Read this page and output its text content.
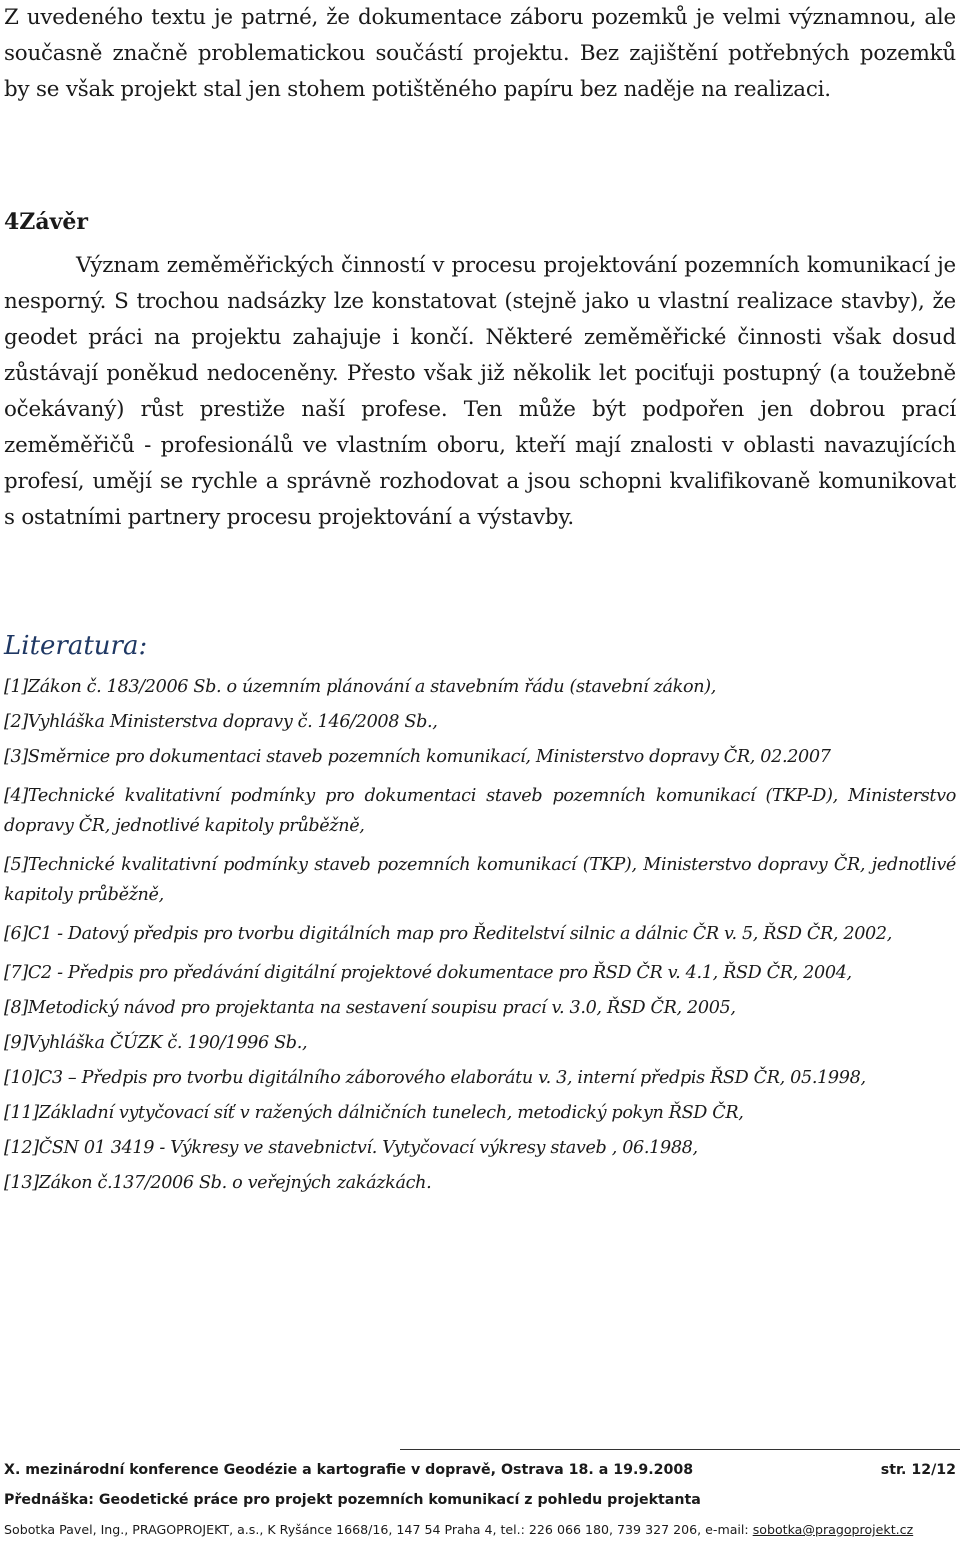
Z uvedeného textu je patrné, že dokumentace záboru pozemků je velmi významnou, ale současně značně problematickou součástí projektu. Bez zajištění potřebných pozemků by se však projekt stal jen stohem potištěného papíru bez naděje na realizaci.

4Závěr

Význam zeměměřických činností v procesu projektování pozemních komunikací je nesporný. S trochou nadsázky lze konstatovat (stejně jako u vlastní realizace stavby), že geodet práci na projektu zahajuje i končí. Některé zeměměřické činnosti však dosud zůstávají poněkud nedoceněny. Přesto však již několik let pociťuji postupný (a toužebně očekávaný) růst prestiže naší profese. Ten může být podpořen jen dobrou prací zeměměřičů - profesionálů ve vlastním oboru, kteří mají znalosti v oblasti navazujících profesí, umějí se rychle a správně rozhodovat a jsou schopni kvalifikovaně komunikovat s ostatními partnery procesu projektování a výstavby.

Literatura:
[1]Zákon č. 183/2006 Sb. o územním plánování a stavebním řádu (stavební zákon),
[2]Vyhláška Ministerstva dopravy č. 146/2008 Sb.,
[3]Směrnice pro dokumentaci staveb pozemních komunikací, Ministerstvo dopravy ČR, 02.2007
[4]Technické kvalitativní podmínky pro dokumentaci staveb pozemních komunikací (TKP-D), Ministerstvo dopravy ČR, jednotlivé kapitoly průběžně,
[5]Technické kvalitativní podmínky staveb pozemních komunikací (TKP), Ministerstvo dopravy ČR, jednotlivé kapitoly průběžně,
[6]C1 - Datový předpis pro tvorbu digitálních map pro Ředitelství silnic a dálnic ČR v. 5, ŘSD ČR, 2002,
[7]C2 - Předpis pro předávání digitální projektové dokumentace pro ŘSD ČR v. 4.1, ŘSD ČR, 2004,
[8]Metodický návod pro projektanta na sestavení soupisu prací v. 3.0, ŘSD ČR, 2005,
[9]Vyhláška ČÚZK č. 190/1996 Sb.,
[10]C3 – Předpis pro tvorbu digitálního záborového elaborátu v. 3, interní předpis ŘSD ČR, 05.1998,
[11]Základní vytyčovací síť v ražených dálničních tunelech, metodický pokyn ŘSD ČR,
[12]ČSN 01 3419 - Výkresy ve stavebnictví. Vytyčovací výkresy staveb , 06.1988,
[13]Zákon č.137/2006 Sb. o veřejných zakázkách.
X. mezinárodní konference Geodézie a kartografie v dopravě, Ostrava 18. a 19.9.2008	str. 12/12
Přednáška: Geodetické práce pro projekt pozemních komunikací z pohledu projektanta
Sobotka Pavel, Ing., PRAGOPROJEKT, a.s., K Ryšánce 1668/16, 147 54 Praha 4, tel.: 226 066 180, 739 327 206, e-mail: sobotka@pragoprojekt.cz
